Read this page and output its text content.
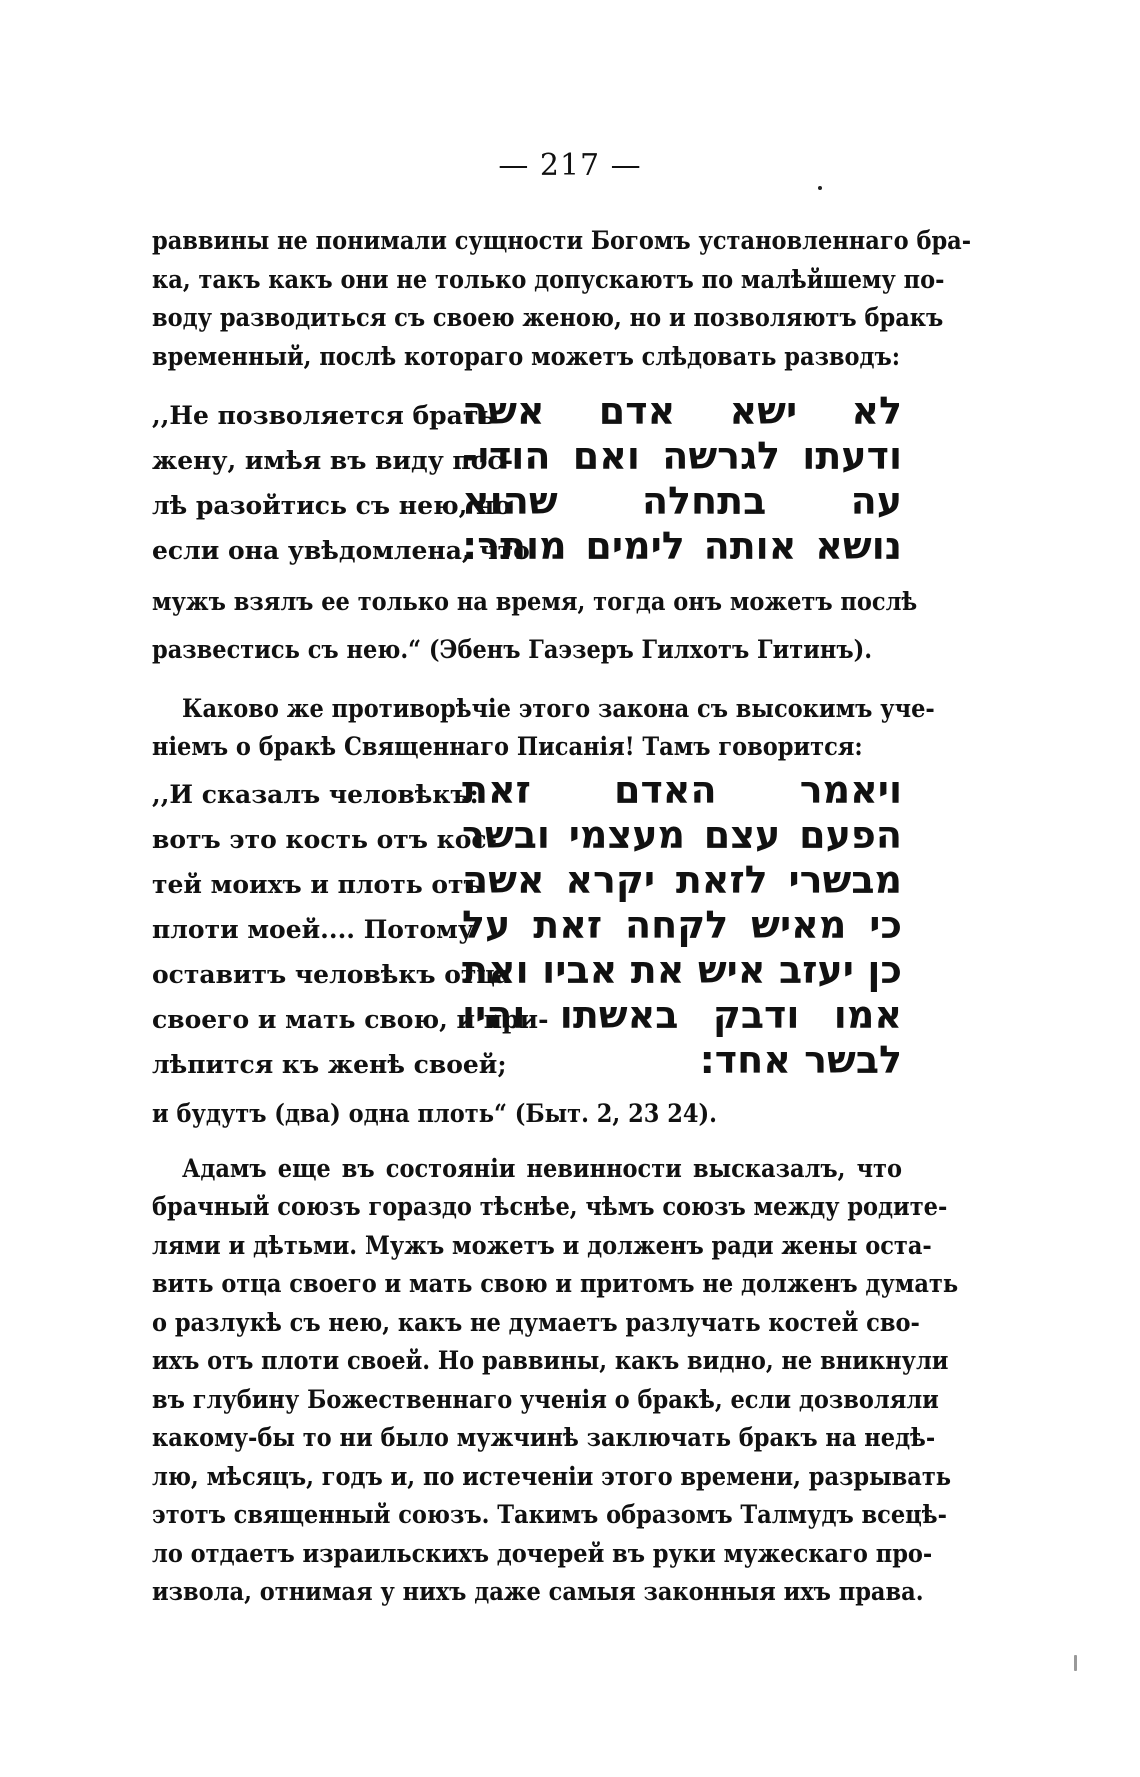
— 217 —
раввины не понимали сущности Богомъ установленнаго бра-
ка, такъ какъ они не только допускаютъ по малѣйшему по-
воду разводиться съ своею женою, но и позволяютъ бракъ
временный, послѣ котораго можетъ слѣдовать разводъ:
,,Не позволяется брать
жену, имѣя въ виду пос-
лѣ разойтись съ нею, но
если она увѣдомлена, что
לא ישא אדם אשה
ודעתו לגרשה ואם הודי-
עה בתחלה שהוא
נושא אותה לימים מותר:
мужъ взялъ ее только на время, тогда онъ можетъ послѣ
развестись съ нею.“ (Эбенъ Гаэзеръ Гилхотъ Гитинъ).
Каково же противорѣчіе этого закона съ высокимъ уче-
ніемъ о бракѣ Священнаго Писанія! Тамъ говорится:
,,И сказалъ человѣкъ:
вотъ это кость отъ кос-
тей моихъ и плоть отъ
плоти моей.... Потому
оставитъ человѣкъ отца
своего и мать свою, и при-
лѣпится къ женѣ своей;
ויאמר האדם זאת
הפעם עצם מעצמי ובשר
מבשרי לזאת יקרא אשה
כי מאיש לקחה זאת על
כן יעזב איש את אביו ואת
אמו ודבק באשתו והיו
לבשר אחד:
и будутъ (два) одна плоть“ (Быт. 2, 23 24).
Адамъ еще въ состояніи невинности высказалъ, что
брачный союзъ гораздо тѣснѣе, чѣмъ союзъ между родите-
лями и дѣтьми. Мужъ можетъ и долженъ ради жены оста-
вить отца своего и мать свою и притомъ не долженъ думать
о разлукѣ съ нею, какъ не думаетъ разлучать костей сво-
ихъ отъ плоти своей. Но раввины, какъ видно, не вникнули
въ глубину Божественнаго ученія о бракѣ, если дозволяли
какому-бы то ни было мужчинѣ заключать бракъ на недѣ-
лю, мѣсяцъ, годъ и, по истеченіи этого времени, разрывать
этотъ священный союзъ. Такимъ образомъ Талмудъ всецѣ-
ло отдаетъ израильскихъ дочерей въ руки мужескаго про-
извола, отнимая у нихъ даже самыя законныя ихъ права.
